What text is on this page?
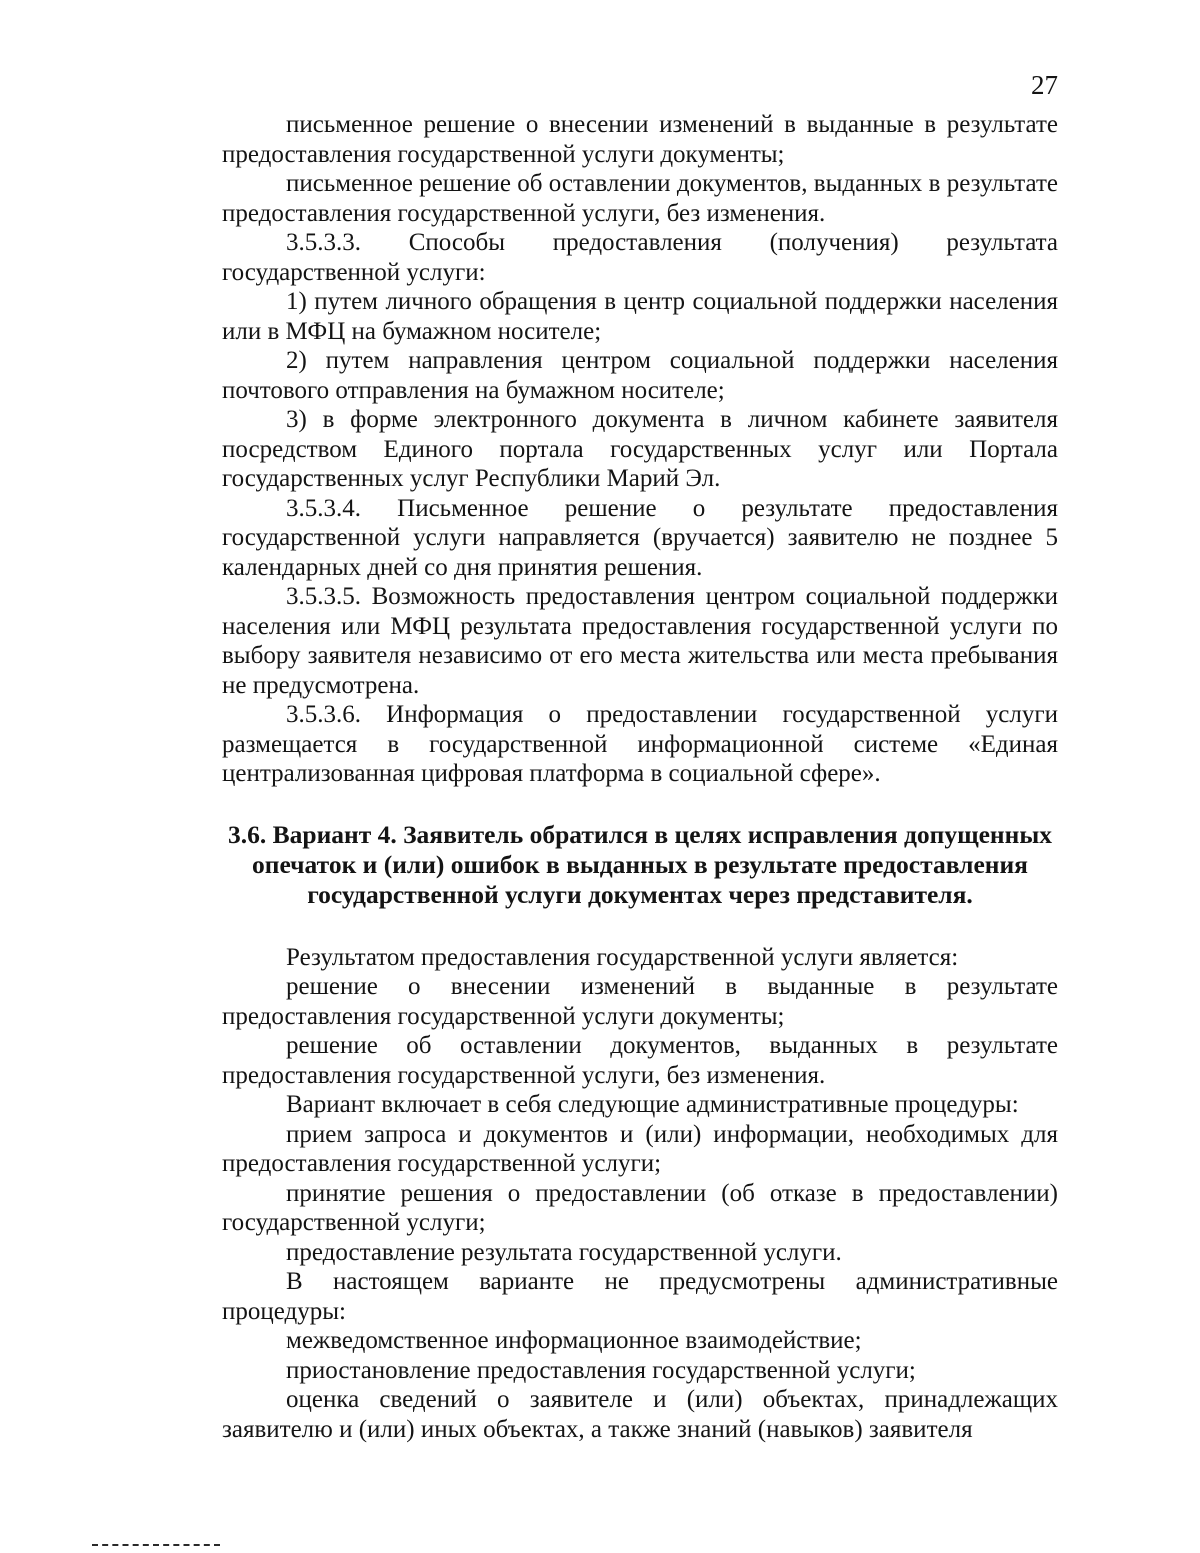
27

письменное решение о внесении изменений в выданные в результате предоставления государственной услуги документы;

письменное решение об оставлении документов, выданных в результате предоставления государственной услуги, без изменения.

3.5.3.3. Способы предоставления (получения) результата государственной услуги:

1) путем личного обращения в центр социальной поддержки населения или в МФЦ на бумажном носителе;

2) путем направления центром социальной поддержки населения почтового отправления на бумажном носителе;

3) в форме электронного документа в личном кабинете заявителя посредством Единого портала государственных услуг или Портала государственных услуг Республики Марий Эл.

3.5.3.4. Письменное решение о результате предоставления государственной услуги направляется (вручается) заявителю не позднее 5 календарных дней со дня принятия решения.

3.5.3.5. Возможность предоставления центром социальной поддержки населения или МФЦ результата предоставления государственной услуги по выбору заявителя независимо от его места жительства или места пребывания не предусмотрена.

3.5.3.6. Информация о предоставлении государственной услуги размещается в государственной информационной системе «Единая централизованная цифровая платформа в социальной сфере».

3.6. Вариант 4. Заявитель обратился в целях исправления допущенных опечаток и (или) ошибок в выданных в результате предоставления государственной услуги документах через представителя.

Результатом предоставления государственной услуги является:

решение о внесении изменений в выданные в результате предоставления государственной услуги документы;

решение об оставлении документов, выданных в результате предоставления государственной услуги, без изменения.

Вариант включает в себя следующие административные процедуры:

прием запроса и документов и (или) информации, необходимых для предоставления государственной услуги;

принятие решения о предоставлении (об отказе в предоставлении) государственной услуги;

предоставление результата государственной услуги.

В настоящем варианте не предусмотрены административные процедуры:

межведомственное информационное взаимодействие;

приостановление предоставления государственной услуги;

оценка сведений о заявителе и (или) объектах, принадлежащих заявителю и (или) иных объектах, а также знаний (навыков) заявителя
